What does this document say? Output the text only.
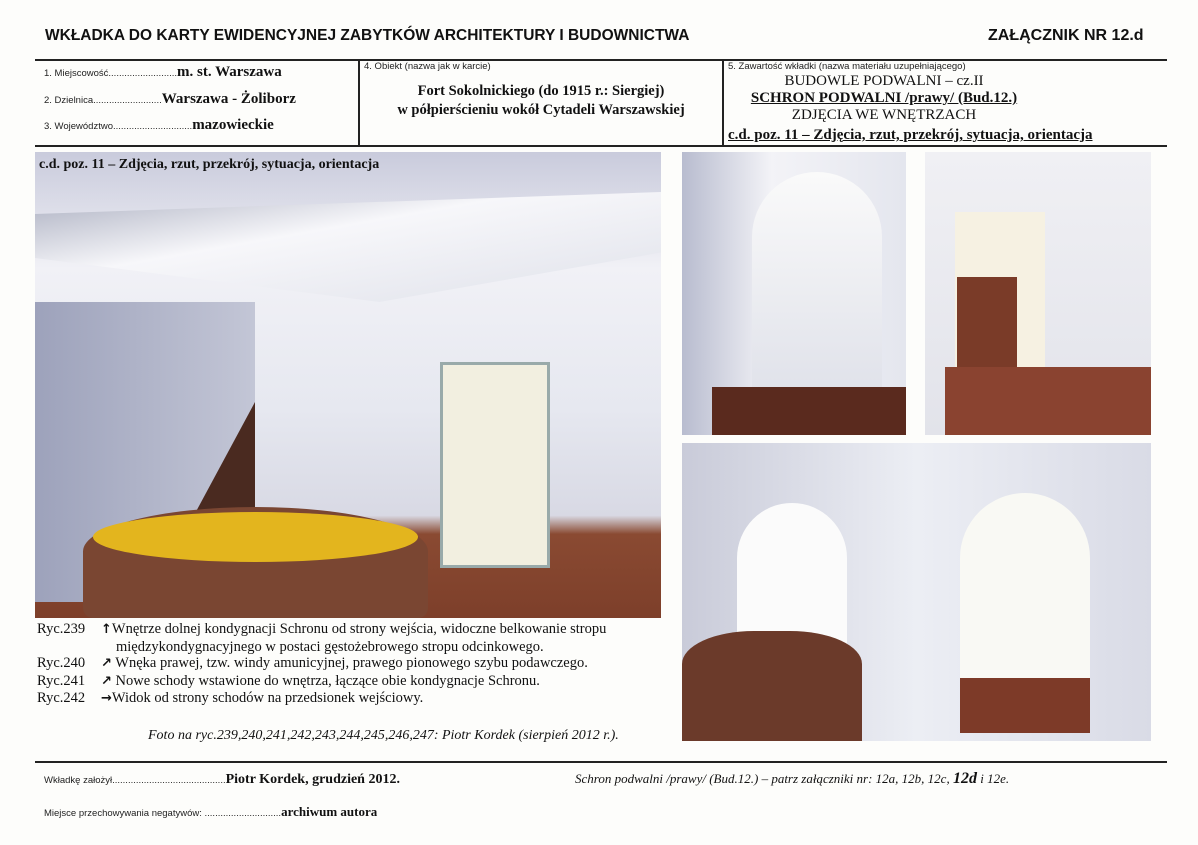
WKŁADKA DO KARTY EWIDENCYJNEJ ZABYTKÓW ARCHITEKTURY I BUDOWNICTWA	ZAŁĄCZNIK NR 12.d
1. Miejscowość..........................m. st. Warszawa
2. Dzielnica..........................Warszawa - Żoliborz
3. Województwo..............................mazowieckie
4. Obiekt (nazwa jak w karcie)
Fort Sokolnickiego (do 1915 r.: Siergiej)
w półpierścieniu wokół Cytadeli Warszawskiej
5. Zawartość wkładki (nazwa materiału uzupełniającego)
BUDOWLE PODWALNI – cz.II
SCHRON PODWALNI /prawy/ (Bud.12.)
ZDJĘCIA WE WNĘTRZACH
c.d. poz. 11 – Zdjęcia, rzut, przekrój, sytuacja, orientacja
c.d. poz. 11 – Zdjęcia, rzut, przekrój, sytuacja, orientacja
Ryc.239 ↑Wnętrze dolnej kondygnacji Schronu od strony wejścia, widoczne belkowanie stropu
międzykondygnacyjnego w postaci gęstożebrowego stropu odcinkowego.
Ryc.240 ↗ Wnęka prawej, tzw. windy amunicyjnej, prawego pionowego szybu podawczego.
Ryc.241 ↗ Nowe schody wstawione do wnętrza, łączące obie kondygnacje Schronu.
Ryc.242 →Widok od strony schodów na przedsionek wejściowy.
Foto na ryc.239,240,241,242,243,244,245,246,247: Piotr Kordek (sierpień 2012 r.).
Wkładkę założył...........................................Piotr Kordek, grudzień 2012.	Schron podwalni /prawy/ (Bud.12.) – patrz załączniki nr: 12a, 12b, 12c, 12d i 12e.
Miejsce przechowywania negatywów: .............................archiwum autora
